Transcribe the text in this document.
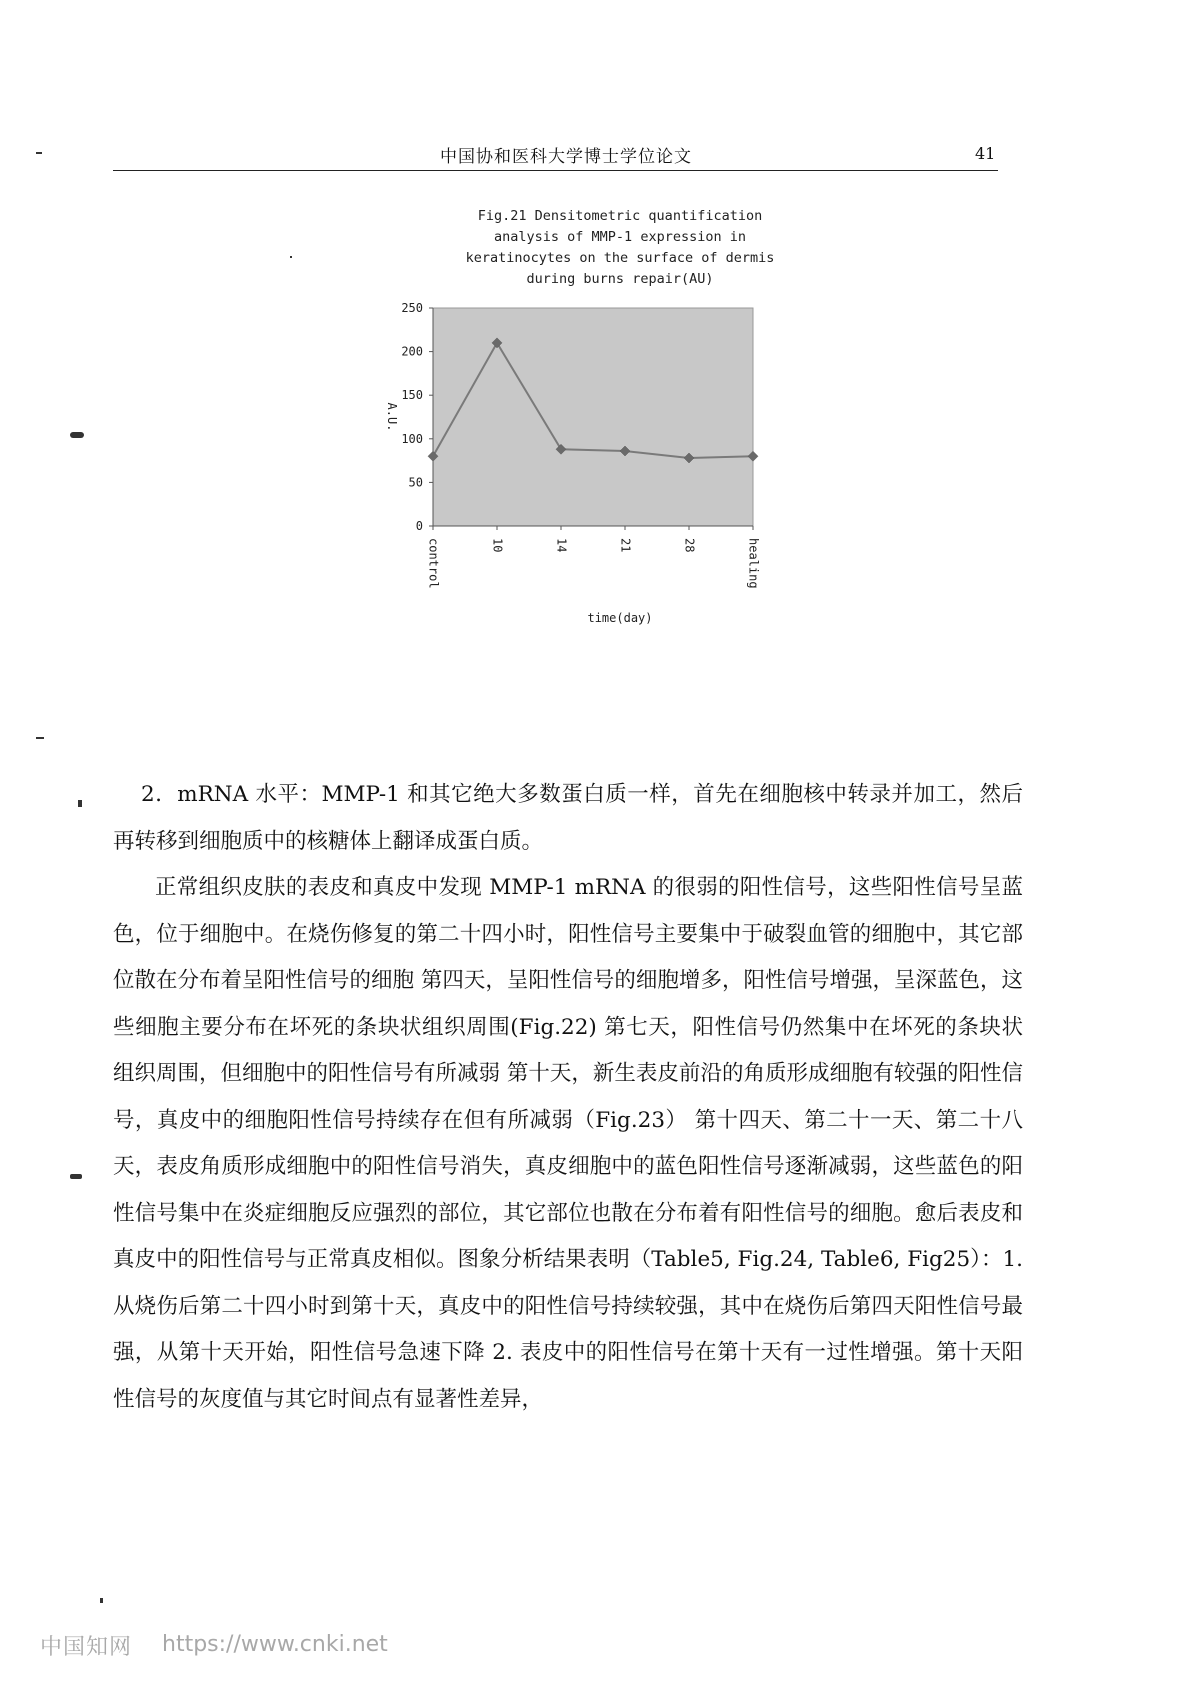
中国协和医科大学博士学位论文	41
Fig.21 Densitometric quantification
analysis of MMP-1 expression in
keratinocytes on the surface of dermis
during burns repair(AU)
0
50
100
150
200
250
control	10	14	21	28	healing
A.U.
time(day)

2．mRNA 水平：MMP-1 和其它绝大多数蛋白质一样，首先在细胞核中转录并加工，然后再转移到细胞质中的核糖体上翻译成蛋白质。

正常组织皮肤的表皮和真皮中发现 MMP-1 mRNA 的很弱的阳性信号，这些阳性信号呈蓝色，位于细胞中。在烧伤修复的第二十四小时，阳性信号主要集中于破裂血管的细胞中，其它部位散在分布着呈阳性信号的细胞 第四天，呈阳性信号的细胞增多，阳性信号增强，呈深蓝色，这些细胞主要分布在坏死的条块状组织周围(Fig.22) 第七天，阳性信号仍然集中在坏死的条块状组织周围，但细胞中的阳性信号有所减弱 第十天，新生表皮前沿的角质形成细胞有较强的阳性信号，真皮中的细胞阳性信号持续存在但有所减弱（Fig.23） 第十四天、第二十一天、第二十八天，表皮角质形成细胞中的阳性信号消失，真皮细胞中的蓝色阳性信号逐渐减弱，这些蓝色的阳性信号集中在炎症细胞反应强烈的部位，其它部位也散在分布着有阳性信号的细胞。愈后表皮和真皮中的阳性信号与正常真皮相似。图象分析结果表明（Table5, Fig.24, Table6, Fig25）：1. 从烧伤后第二十四小时到第十天，真皮中的阳性信号持续较强，其中在烧伤后第四天阳性信号最强，从第十天开始，阳性信号急速下降 2. 表皮中的阳性信号在第十天有一过性增强。第十天阳性信号的灰度值与其它时间点有显著性差异，

中国知网 https://www.cnki.net
